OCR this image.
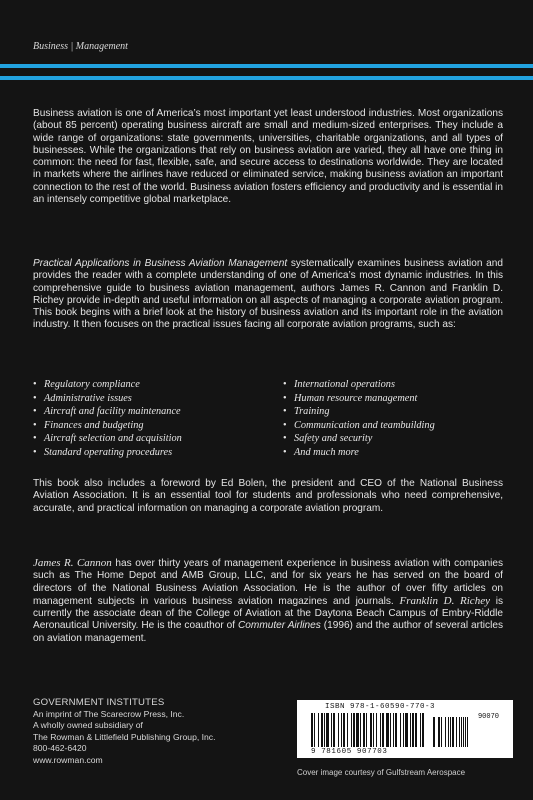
Business | Management

Business aviation is one of America’s most important yet least understood industries. Most organizations (about 85 percent) operating business aircraft are small and medium-sized enterprises. They include a wide range of organizations: state governments, universities, charitable organizations, and all types of businesses. While the organizations that rely on business aviation are varied, they all have one thing in common: the need for fast, flexible, safe, and secure access to destinations worldwide. They are located in markets where the airlines have reduced or eliminated service, making business aviation an important connection to the rest of the world. Business aviation fosters efficiency and productivity and is essential in an intensely competitive global marketplace.

Practical Applications in Business Aviation Management systematically examines business aviation and provides the reader with a complete understanding of one of America’s most dynamic industries. In this comprehensive guide to business aviation management, authors James R. Cannon and Franklin D. Richey provide in-depth and useful information on all aspects of managing a corporate aviation program. This book begins with a brief look at the history of business aviation and its important role in the aviation industry. It then focuses on the practical issues facing all corporate aviation programs, such as:

• Regulatory compliance
• Administrative issues
• Aircraft and facility maintenance
• Finances and budgeting
• Aircraft selection and acquisition
• Standard operating procedures
• International operations
• Human resource management
• Training
• Communication and teambuilding
• Safety and security
• And much more

This book also includes a foreword by Ed Bolen, the president and CEO of the National Business Aviation Association. It is an essential tool for students and professionals who need comprehensive, accurate, and practical information on managing a corporate aviation program.

James R. Cannon has over thirty years of management experience in business aviation with companies such as The Home Depot and AMB Group, LLC, and for six years he has served on the board of directors of the National Business Aviation Association. He is the author of over fifty articles on management subjects in various business aviation magazines and journals. Franklin D. Richey is currently the associate dean of the College of Aviation at the Daytona Beach Campus of Embry-Riddle Aeronautical University. He is the coauthor of Commuter Airlines (1996) and the author of several articles on aviation management.

GOVERNMENT INSTITUTES
An imprint of The Scarecrow Press, Inc.
A wholly owned subsidiary of
The Rowman & Littlefield Publishing Group, Inc.
800-462-6420
www.rowman.com
ISBN 978-1-60590-770-3
90070
9 781605 907703
Cover image courtesy of Gulfstream Aerospace
